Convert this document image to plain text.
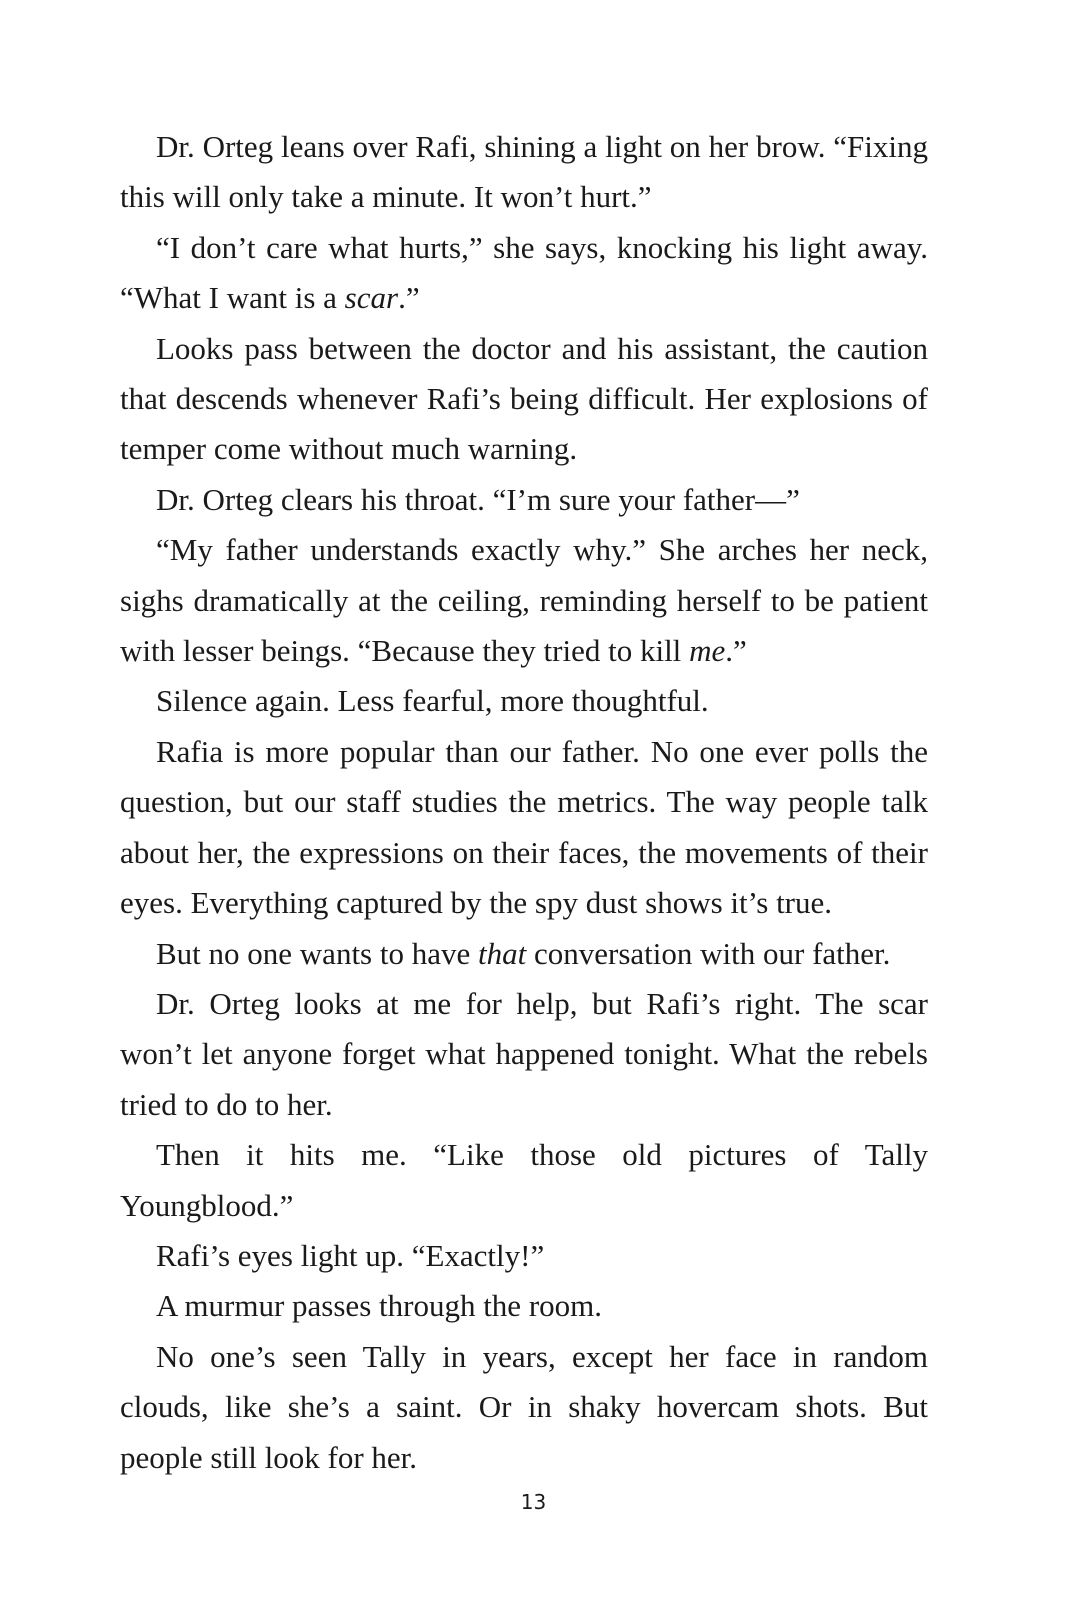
Dr. Orteg leans over Rafi, shining a light on her brow. “Fixing this will only take a minute. It won’t hurt.”

“I don’t care what hurts,” she says, knocking his light away. “What I want is a scar.”

Looks pass between the doctor and his assistant, the caution that descends whenever Rafi’s being difficult. Her explosions of temper come without much warning.

Dr. Orteg clears his throat. “I’m sure your father—”

“My father understands exactly why.” She arches her neck, sighs dramatically at the ceiling, reminding herself to be patient with lesser beings. “Because they tried to kill me.”

Silence again. Less fearful, more thoughtful.

Rafia is more popular than our father. No one ever polls the question, but our staff studies the metrics. The way people talk about her, the expressions on their faces, the movements of their eyes. Everything captured by the spy dust shows it’s true.

But no one wants to have that conversation with our father.

Dr. Orteg looks at me for help, but Rafi’s right. The scar won’t let anyone forget what happened tonight. What the rebels tried to do to her.

Then it hits me. “Like those old pictures of Tally Youngblood.”

Rafi’s eyes light up. “Exactly!”

A murmur passes through the room.

No one’s seen Tally in years, except her face in random clouds, like she’s a saint. Or in shaky hovercam shots. But people still look for her.

13
